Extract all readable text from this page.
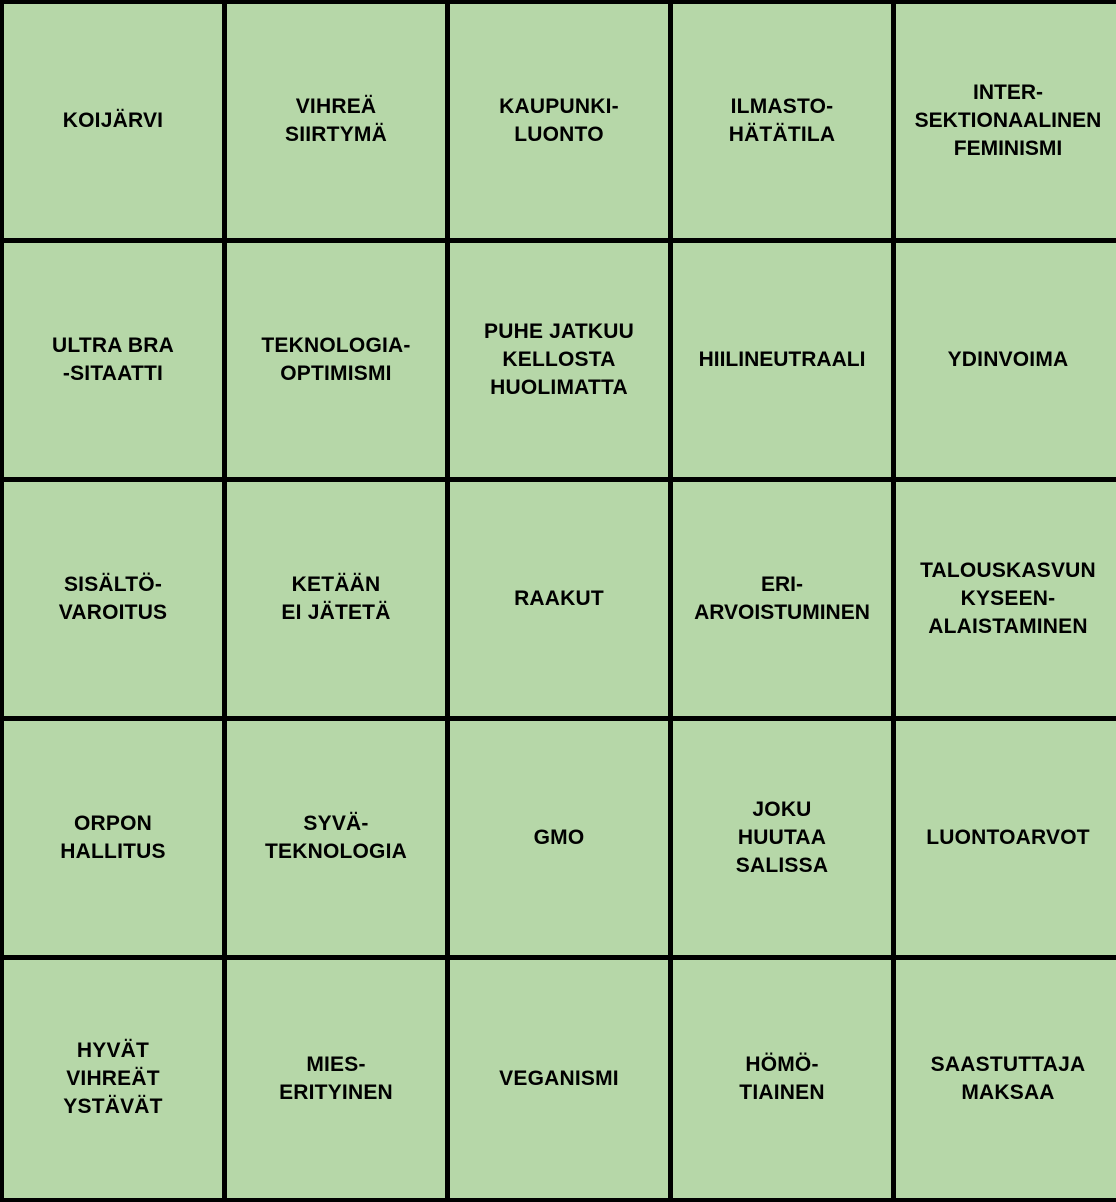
KOIJÄRVI
VIHREÄ
SIIRTYMÄ
KAUPUNKI-
LUONTO
ILMASTO-
HÄTÄTILA
INTER-
SEKTIONAALINEN
FEMINISMI
ULTRA BRA
-SITAATTI
TEKNOLOGIA-
OPTIMISMI
PUHE JATKUU
KELLOSTA
HUOLIMATTA
HIILINEUTRAALI	YDINVOIMA
SISÄLTÖ-
VAROITUS
KETÄÄN
EI JÄTETÄ
RAAKUT
ERI-
ARVOISTUMINEN
TALOUSKASVUN
KYSEEN-
ALAISTAMINEN
ORPON
HALLITUS
SYVÄ-
TEKNOLOGIA
GMO
JOKU
HUUTAA
SALISSA
LUONTOARVOT
HYVÄT
VIHREÄT
YSTÄVÄT
MIES-
ERITYINEN
VEGANISMI
HÖMÖ-
TIAINEN
SAASTUTTAJA
MAKSAA
